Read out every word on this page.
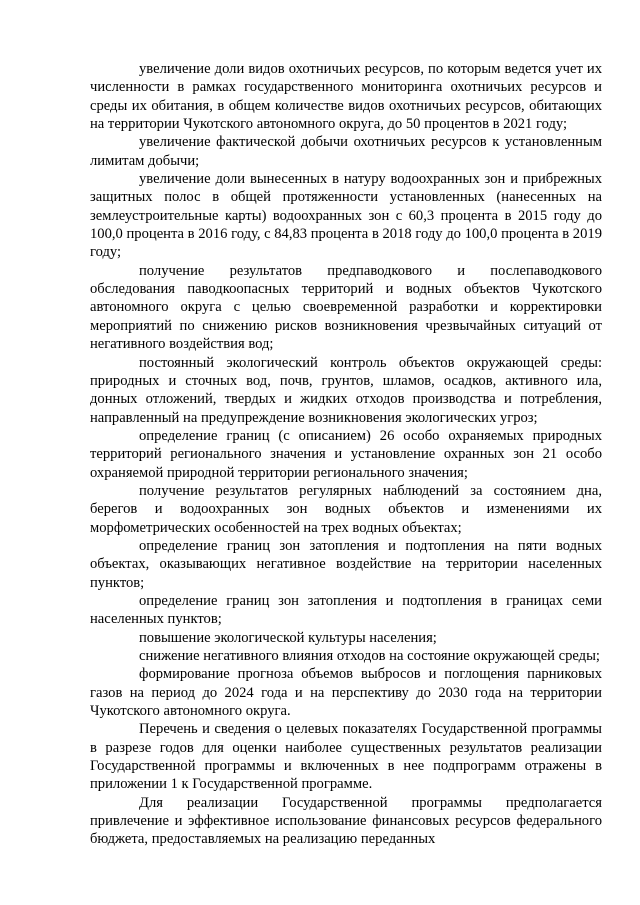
увеличение доли видов охотничьих ресурсов, по которым ведется учет их численности в рамках государственного мониторинга охотничьих ресурсов и среды их обитания, в общем количестве видов охотничьих ресурсов, обитающих на территории Чукотского автономного округа, до 50 процентов в 2021 году;

увеличение фактической добычи охотничьих ресурсов к установленным лимитам добычи;

увеличение доли вынесенных в натуру водоохранных зон и прибрежных защитных полос в общей протяженности установленных (нанесенных на землеустроительные карты) водоохранных зон с 60,3 процента в 2015 году до 100,0 процента в 2016 году, с 84,83 процента в 2018 году до 100,0 процента в 2019 году;

получение результатов предпаводкового и послепаводкового обследования паводкоопасных территорий и водных объектов Чукотского автономного округа с целью своевременной разработки и корректировки мероприятий по снижению рисков возникновения чрезвычайных ситуаций от негативного воздействия вод;

постоянный экологический контроль объектов окружающей среды: природных и сточных вод, почв, грунтов, шламов, осадков, активного ила, донных отложений, твердых и жидких отходов производства и потребления, направленный на предупреждение возникновения экологических угроз;

определение границ (с описанием) 26 особо охраняемых природных территорий регионального значения и установление охранных зон 21 особо охраняемой природной территории регионального значения;

получение результатов регулярных наблюдений за состоянием дна, берегов и водоохранных зон водных объектов и изменениями их морфометрических особенностей на трех водных объектах;

определение границ зон затопления и подтопления на пяти водных объектах, оказывающих негативное воздействие на территории населенных пунктов;

определение границ зон затопления и подтопления в границах семи населенных пунктов;

повышение экологической культуры населения;

снижение негативного влияния отходов на состояние окружающей среды;

формирование прогноза объемов выбросов и поглощения парниковых газов на период до 2024 года и на перспективу до 2030 года на территории Чукотского автономного округа.

Перечень и сведения о целевых показателях Государственной программы в разрезе годов для оценки наиболее существенных результатов реализации Государственной программы и включенных в нее подпрограмм отражены в приложении 1 к Государственной программе.

Для реализации Государственной программы предполагается привлечение и эффективное использование финансовых ресурсов федерального бюджета, предоставляемых на реализацию переданных
